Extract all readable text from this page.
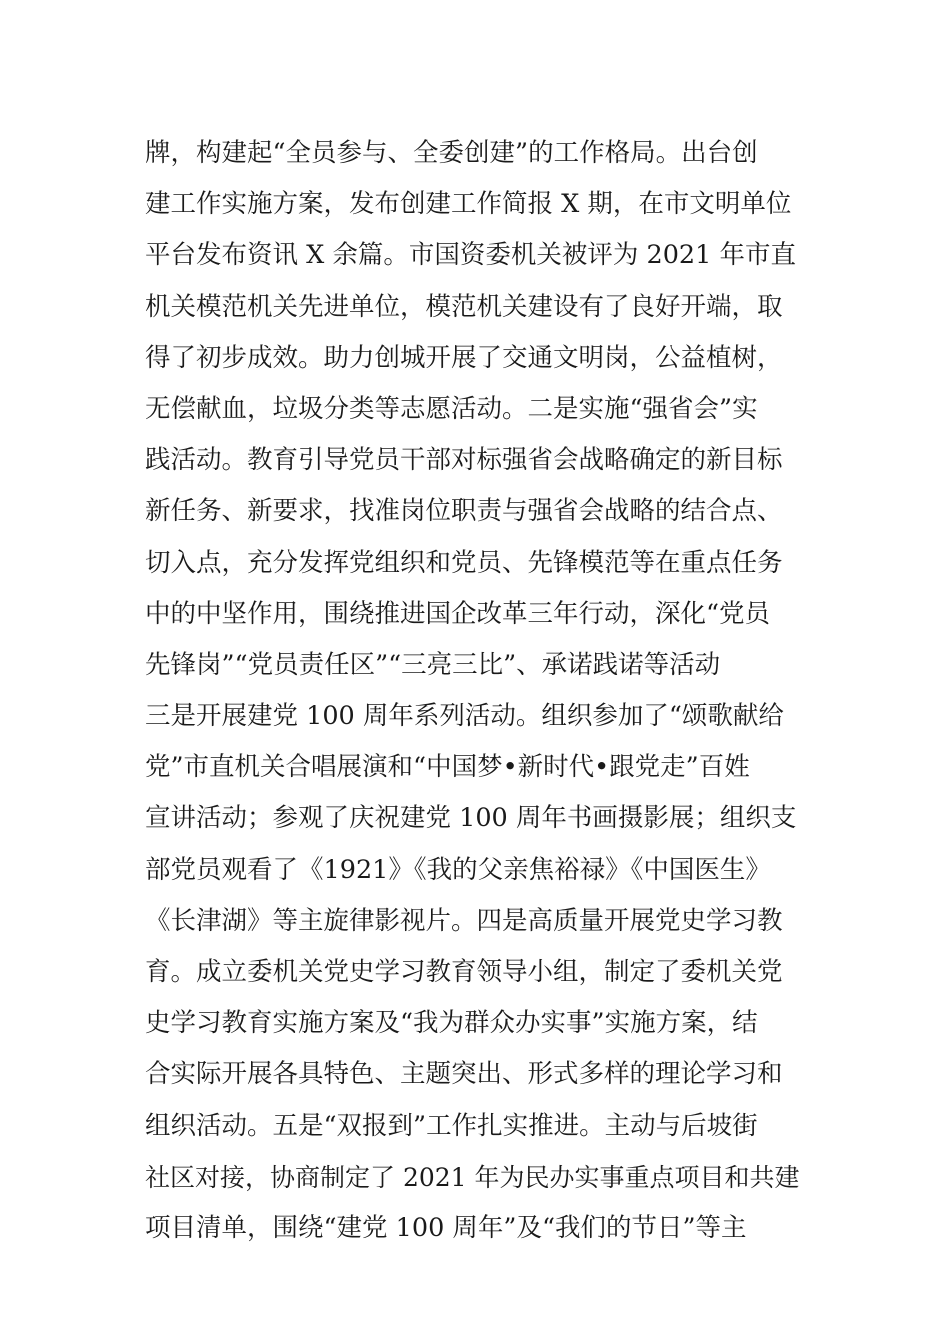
牌，构建起“全员参与、全委创建”的工作格局。出台创
建工作实施方案，发布创建工作简报 X 期，在市文明单位
平台发布资讯 X 余篇。市国资委机关被评为 2021 年市直
机关模范机关先进单位，模范机关建设有了良好开端，取
得了初步成效。助力创城开展了交通文明岗，公益植树，
无偿献血，垃圾分类等志愿活动。二是实施“强省会”实
践活动。教育引导党员干部对标强省会战略确定的新目标
新任务、新要求，找准岗位职责与强省会战略的结合点、
切入点，充分发挥党组织和党员、先锋模范等在重点任务
中的中坚作用，围绕推进国企改革三年行动，深化“党员
先锋岗”“党员责任区”“三亮三比”、承诺践诺等活动
三是开展建党 100 周年系列活动。组织参加了“颂歌献给
党”市直机关合唱展演和“中国梦•新时代•跟党走”百姓
宣讲活动；参观了庆祝建党 100 周年书画摄影展；组织支
部党员观看了《1921》《我的父亲焦裕禄》《中国医生》
《长津湖》等主旋律影视片。四是高质量开展党史学习教
育。成立委机关党史学习教育领导小组，制定了委机关党
史学习教育实施方案及“我为群众办实事”实施方案，结
合实际开展各具特色、主题突出、形式多样的理论学习和
组织活动。五是“双报到”工作扎实推进。主动与后坡街
社区对接，协商制定了 2021 年为民办实事重点项目和共建
项目清单，围绕“建党 100 周年”及“我们的节日”等主
